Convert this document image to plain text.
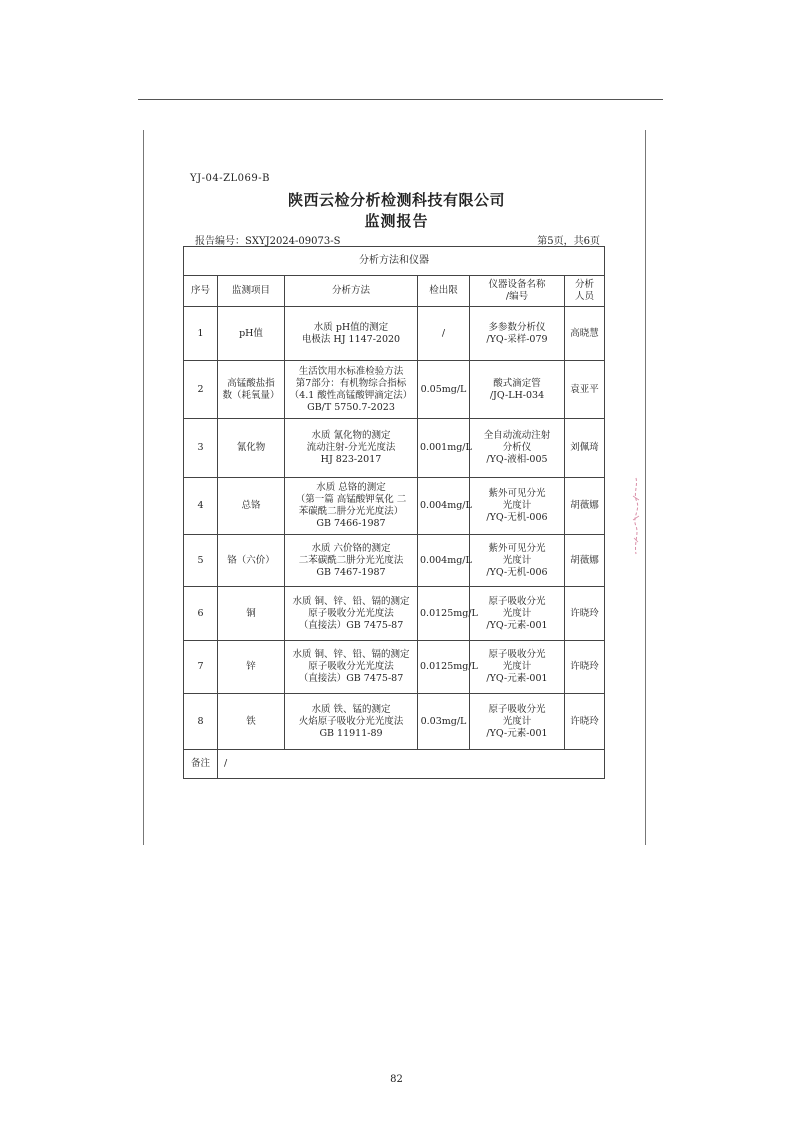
YJ-04-ZL069-B
陕西云检分析检测科技有限公司
监测报告
报告编号：SXYJ2024-09073-S	第5页，共6页
分析方法和仪器					

序号	监测项目	分析方法	检出限	仪器设备名称
/编号	分析
人员

1	pH值	水质 pH值的测定
电极法 HJ 1147-2020	/	多参数分析仪
/YQ-采样-079	高晓慧

2	高锰酸盐指
数（耗氧量）	生活饮用水标准检验方法
第7部分：有机物综合指标
（4.1 酸性高锰酸钾滴定法）
GB/T 5750.7-2023	0.05mg/L	酸式滴定管
/JQ-LH-034	袁亚平

3	氰化物	水质 氰化物的测定
流动注射-分光光度法
HJ 823-2017	0.001mg/L	全自动流动注射
分析仪
/YQ-液相-005	刘佩琦

4	总铬	水质 总铬的测定
（第一篇 高锰酸钾氧化 二
苯碳酰二肼分光光度法）
GB 7466-1987	0.004mg/L	紫外可见分光
光度计
/YQ-无机-006	胡薇娜

5	铬（六价）	水质 六价铬的测定
二苯碳酰二肼分光光度法
GB 7467-1987	0.004mg/L	紫外可见分光
光度计
/YQ-无机-006	胡薇娜

6	铜	水质 铜、锌、铅、镉的测定
原子吸收分光光度法
（直接法）GB 7475-87	0.0125mg/L	原子吸收分光
光度计
/YQ-元素-001	许晓玲

7	锌	水质 铜、锌、铅、镉的测定
原子吸收分光光度法
（直接法）GB 7475-87	0.0125mg/L	原子吸收分光
光度计
/YQ-元素-001	许晓玲

8	铁	水质 铁、锰的测定
火焰原子吸收分光光度法
GB 11911-89	0.03mg/L	原子吸收分光
光度计
/YQ-元素-001	许晓玲

备注	/				
82
